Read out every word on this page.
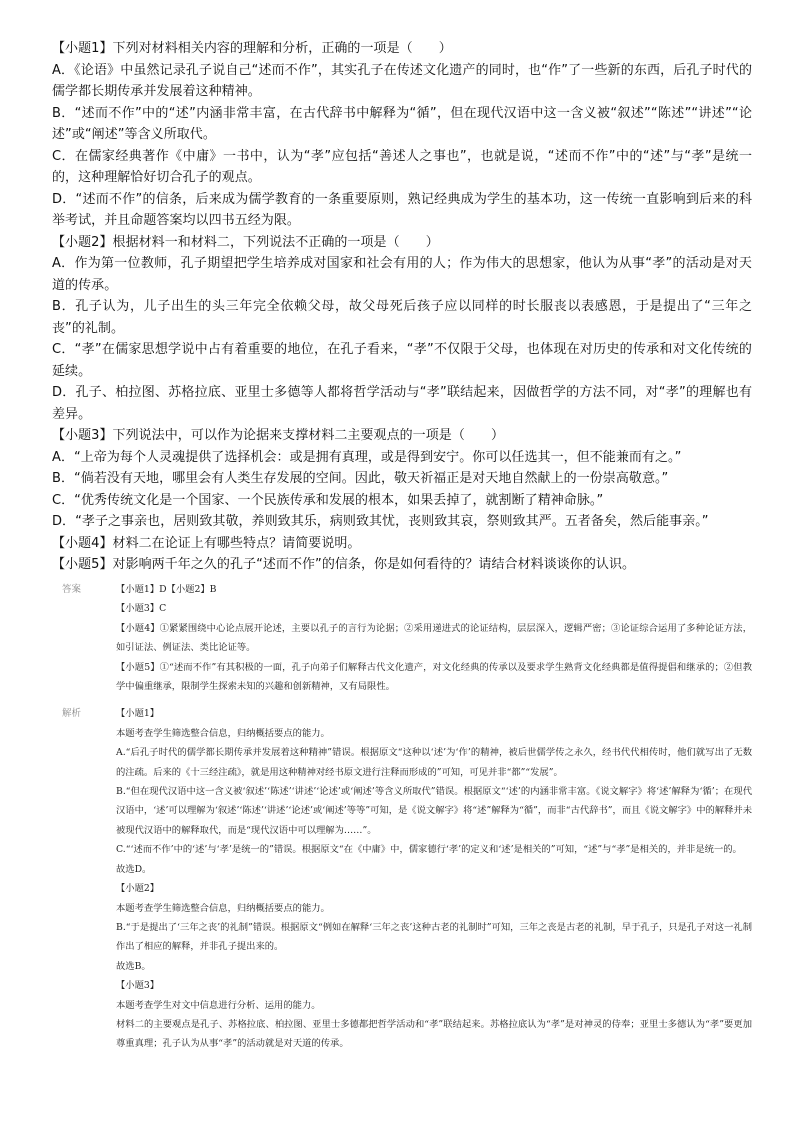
【小题1】下列对材料相关内容的理解和分析，正确的一项是（　　）

A．《论语》中虽然记录孔子说自己“述而不作”，其实孔子在传述文化遗产的同时，也“作”了一些新的东西，后孔子时代的儒学都长期传承并发展着这种精神。

B．“述而不作”中的“述”内涵非常丰富，在古代辞书中解释为“循”，但在现代汉语中这一含义被“叙述”“陈述”“讲述”“论述”或“阐述”等含义所取代。

C．在儒家经典著作《中庸》一书中，认为“孝”应包括“善述人之事也”，也就是说，“述而不作”中的“述”与“孝”是统一的，这种理解恰好切合孔子的观点。

D．“述而不作”的信条，后来成为儒学教育的一条重要原则，熟记经典成为学生的基本功，这一传统一直影响到后来的科举考试，并且命题答案均以四书五经为限。

【小题2】根据材料一和材料二，下列说法不正确的一项是（　　）

A．作为第一位教师，孔子期望把学生培养成对国家和社会有用的人；作为伟大的思想家，他认为从事“孝”的活动是对天道的传承。

B．孔子认为，儿子出生的头三年完全依赖父母，故父母死后孩子应以同样的时长服丧以表感恩，于是提出了“三年之丧”的礼制。

C．“孝”在儒家思想学说中占有着重要的地位，在孔子看来，“孝”不仅限于父母，也体现在对历史的传承和对文化传统的延续。

D．孔子、柏拉图、苏格拉底、亚里士多德等人都将哲学活动与“孝”联结起来，因做哲学的方法不同，对“孝”的理解也有差异。

【小题3】下列说法中，可以作为论据来支撑材料二主要观点的一项是（　　）

A．“上帝为每个人灵魂提供了选择机会：或是拥有真理，或是得到安宁。你可以任选其一，但不能兼而有之。”

B．“倘若没有天地，哪里会有人类生存发展的空间。因此，敬天祈福正是对天地自然献上的一份崇高敬意。”

C．“优秀传统文化是一个国家、一个民族传承和发展的根本，如果丢掉了，就割断了精神命脉。”

D．“孝子之事亲也，居则致其敬，养则致其乐，病则致其忧，丧则致其哀，祭则致其严。五者备矣，然后能事亲。”

【小题4】材料二在论证上有哪些特点？请简要说明。

【小题5】对影响两千年之久的孔子“述而不作”的信条，你是如何看待的？请结合材料谈谈你的认识。

答案	【小题1】D【小题2】B

【小题3】C

【小题4】①紧紧围绕中心论点展开论述，主要以孔子的言行为论据；②采用递进式的论证结构，层层深入，逻辑严密；③论证综合运用了多种论证方法，如引证法、例证法、类比论证等。

【小题5】①“述而不作”有其积极的一面，孔子向弟子们解释古代文化遗产，对文化经典的传承以及要求学生熟背文化经典都是值得提倡和继承的；②但教学中偏重继承，限制学生探索未知的兴趣和创新精神，又有局限性。

解析	【小题1】

本题考查学生筛选整合信息，归纳概括要点的能力。

A.“后孔子时代的儒学都长期传承并发展着这种精神”错误。根据原文“这种以‘述’为‘作’的精神，被后世儒学传之永久，经书代代相传时，他们就写出了无数的注疏。后来的《十三经注疏》，就是用这种精神对经书原文进行注释而形成的”可知，可见并非“都”“发展”。

B.“但在现代汉语中这一含义被‘叙述’‘陈述’‘讲述’‘论述’或‘阐述’等含义所取代”错误。根据原文“‘述’的内涵非常丰富。《说文解字》将‘述’解释为‘循’；在现代汉语中，‘述’可以理解为‘叙述’‘陈述’‘讲述’‘论述’或‘阐述’等等”可知，是《说文解字》将“述”解释为“循”，而非“古代辞书”，而且《说文解字》中的解释并未被现代汉语中的解释取代，而是“现代汉语中可以理解为……”。

C.“‘述而不作’中的‘述’与‘孝’是统一的”错误。根据原文“在《中庸》中，儒家德行‘孝’的定义和‘述’是相关的”可知，“述”与“孝”是相关的，并非是统一的。

故选D。

【小题2】

本题考查学生筛选整合信息，归纳概括要点的能力。

B.“于是提出了‘三年之丧’的礼制”错误。根据原文“例如在解释‘三年之丧’这种古老的礼制时”可知，三年之丧是古老的礼制，早于孔子，只是孔子对这一礼制作出了相应的解释，并非孔子提出来的。

故选B。

【小题3】

本题考查学生对文中信息进行分析、运用的能力。

材料二的主要观点是孔子、苏格拉底、柏拉图、亚里士多德都把哲学活动和“孝”联结起来。苏格拉底认为“孝”是对神灵的侍奉；亚里士多德认为“孝”要更加尊重真理；孔子认为从事“孝”的活动就是对天道的传承。
